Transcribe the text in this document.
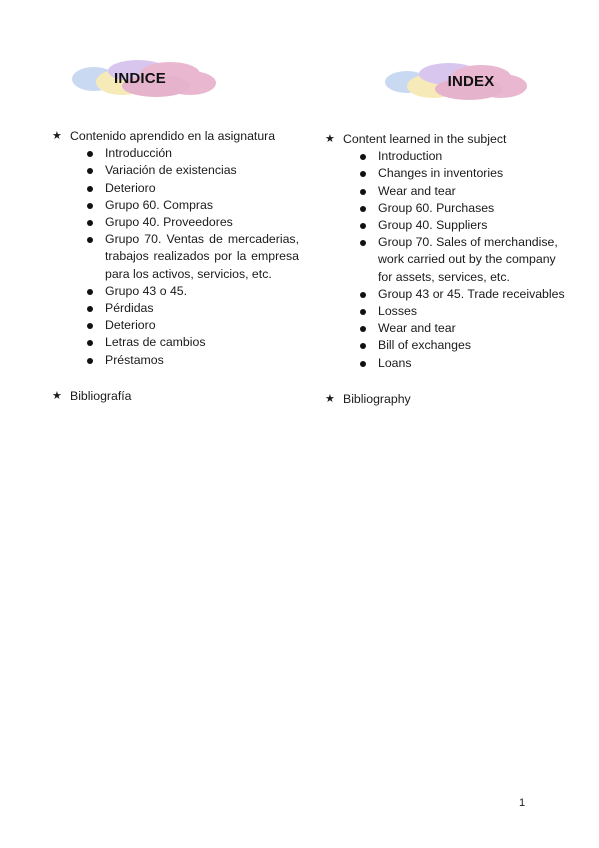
INDICE	INDEX
★ Contenido aprendido en la asignatura
Introducción
Variación de existencias
Deterioro
Grupo 60. Compras
Grupo 40. Proveedores
Grupo 70. Ventas de mercaderias, trabajos realizados por la empresa para los activos, servicios, etc.
Grupo 43 o 45.
Pérdidas
Deterioro
Letras de cambios
Préstamos
★ Bibliografía
★ Content learned in the subject
Introduction
Changes in inventories
Wear and tear
Group 60. Purchases
Group 40. Suppliers
Group 70. Sales of merchandise, work carried out by the company for assets, services, etc.
Group 43 or 45. Trade receivables
Losses
Wear and tear
Bill of exchanges
Loans
★ Bibliography
1
